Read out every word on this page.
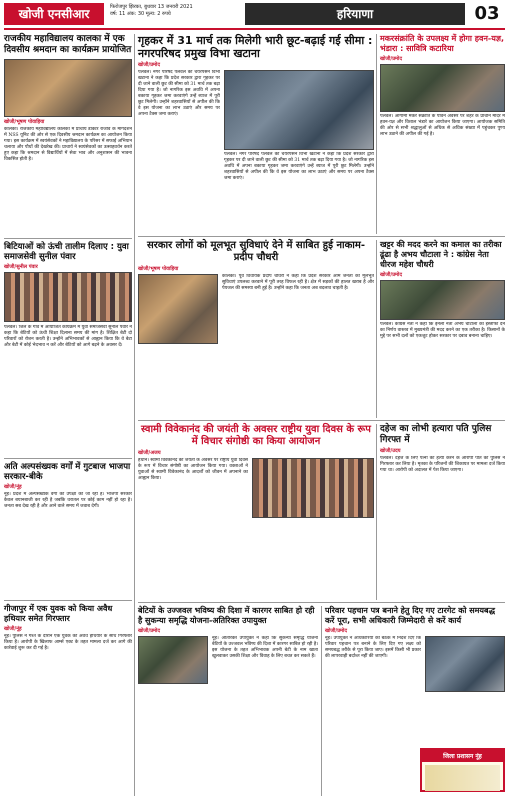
खोजी एनसीआर	फिरोजपुर झिरका, बुधवार 13 जनवरी 2021
वर्ष: 11 अंक: 30 मूल्य: 2 रुपये	हरियाणा	03
राजकीय महाविद्यालय कालका में एक दिवसीय श्रमदान का कार्यक्रम प्रायोजित
खोजी/भूषण पोवाहिया
कालका। राजकीय महाविद्यालय कालका में प्राचार्य डॉक्टर राजीव के मार्गदर्शन में NSS यूनिट की ओर से एक दिवसीय श्रमदान कार्यक्रम का आयोजन किया गया। इस कार्यक्रम में स्वयंसेवकों ने महाविद्यालय के परिसर में सफाई अभियान चलाया और पौधों की देखरेख की। प्राचार्य ने स्वयंसेवकों का उत्साहवर्धन करते हुए कहा कि श्रमदान से विद्यार्थियों में सेवा भाव और अनुशासन की भावना विकसित होती है।
बिटियाओं को ऊंची तालीम दिलाए : युवा समाजसेवी सुनील पंवार
खोजी/सुनील पंवार
पलवल। जिले के गांव में आयोजित कार्यक्रम में युवा समाजसेवी सुनील पंवार ने कहा कि बेटियों को ऊंची शिक्षा दिलाना समय की मांग है। शिक्षित बेटी दो परिवारों को रोशन करती है। उन्होंने अभिभावकों से आह्वान किया कि वे बेटा और बेटी में कोई भेदभाव न करें और बेटियों को आगे बढ़ने के अवसर दें।
अति अल्पसंख्यक वर्गों में गुटबाज भाजपा सरकार-बीके
खोजी/नूंह
नूंह। प्रदेश में अल्पसंख्यक वर्गों की उपेक्षा की जा रही है। भाजपा सरकार केवल बयानबाजी कर रही है जबकि धरातल पर कोई काम नहीं हो रहा है। जनता सब देख रही है और आने वाले समय में जवाब देगी।
गीजापुर में एक युवक को किया अवैध हथियार समेत गिरफ्तार
खोजी/नूंह
नूंह। पुलिस ने गश्त के दौरान एक युवक को अवैध हथियार के साथ गिरफ्तार किया है। आरोपी के खिलाफ आर्म्स एक्ट के तहत मामला दर्ज कर आगे की कार्रवाई शुरू कर दी गई है।
गृहकर में 31 मार्च तक मिलेगी भारी छूट-बढ़ाई गई सीमा : नगरपरिषद प्रमुख विभा खटाना
खोजी/प्रमोद
पलवल। नगर परिषद पलवल की चेयरपर्सन विभा खटाना ने कहा कि प्रदेश सरकार द्वारा गृहकर पर दी जाने वाली छूट की सीमा को 31 मार्च तक बढ़ा दिया गया है। जो नागरिक इस अवधि में अपना बकाया गृहकर जमा करवाएंगे उन्हें ब्याज में पूरी छूट मिलेगी। उन्होंने शहरवासियों से अपील की कि वे इस योजना का लाभ उठाएं और समय पर अपना टैक्स जमा कराएं।
पलवल। नगर परिषद पलवल की चेयरपर्सन विभा खटाना ने कहा कि प्रदेश सरकार द्वारा गृहकर पर दी जाने वाली छूट की सीमा को 31 मार्च तक बढ़ा दिया गया है। जो नागरिक इस अवधि में अपना बकाया गृहकर जमा करवाएंगे उन्हें ब्याज में पूरी छूट मिलेगी। उन्होंने शहरवासियों से अपील की कि वे इस योजना का लाभ उठाएं और समय पर अपना टैक्स जमा कराएं।
मकरसंक्रांति के उपलक्ष्य में होगा हवन-यज्ञ, भंडारा : सावित्रि कटारिया
खोजी/प्रमोद
पलवल। आगामी मकर संक्रांति के पावन अवसर पर शहर के प्राचीन मंदिर में हवन-यज्ञ और विशाल भंडारे का आयोजन किया जाएगा। आयोजक समिति की ओर से सभी श्रद्धालुओं से अधिक से अधिक संख्या में पहुंचकर पुण्य लाभ उठाने की अपील की गई है।
सरकार लोगों को मूलभूत सुविधाएं देने में साबित हुई नाकाम-प्रदीप चौधरी
खोजी/भूषण पोवाहिया
कालका। पूर्व विधायक प्रदीप चौधरी ने कहा कि प्रदेश सरकार आम जनता को मूलभूत सुविधाएं उपलब्ध करवाने में पूरी तरह विफल रही है। क्षेत्र में सड़कों की हालत खराब है और पेयजल की समस्या बनी हुई है। उन्होंने कहा कि जनता अब बदलाव चाहती है।
खट्टर की मदद करने का कमाल का तरीका ढूंढा है अभय चौटाला ने : कांग्रेस नेता धीरज महेश चौधरी
खोजी/प्रमोद
पलवल। कांग्रेस नेता ने कहा कि इनेलो नेता अभय चौटाला का इस्तीफा देने का निर्णय वास्तव में मुख्यमंत्री की मदद करने का एक तरीका है। किसानों के मुद्दे पर सभी दलों को एकजुट होकर सरकार पर दबाव बनाना चाहिए।
स्वामी विवेकानंद की जयंती के अवसर राष्ट्रीय युवा दिवस के रूप में विचार संगोष्ठी का किया आयोजन
खोजी/अजय
हथीन। स्वामी विवेकानंद की जयंती के अवसर पर राष्ट्रीय युवा दिवस के रूप में विचार संगोष्ठी का आयोजन किया गया। वक्ताओं ने युवाओं से स्वामी विवेकानंद के आदर्शों को जीवन में अपनाने का आह्वान किया।
दहेज का लोभी हत्यारा पति पुलिस गिरफ्त में
खोजी/उदय
पलवल। दहेज के लिए पत्नी की हत्या करने के आरोपी पति को पुलिस ने गिरफ्तार कर लिया है। मृतका के परिजनों की शिकायत पर मामला दर्ज किया गया था। आरोपी को अदालत में पेश किया जाएगा।
बेटियों के उज्जवल भविष्य की दिशा में कारगर साबित हो रही है सुकन्या समृद्धि योजना-अतिरिक्त उपायुक्त
खोजी/प्रमोद
नूंह। अतिरिक्त उपायुक्त ने कहा कि सुकन्या समृद्धि योजना बेटियों के उज्जवल भविष्य की दिशा में कारगर साबित हो रही है। इस योजना के तहत अभिभावक अपनी बेटी के नाम खाता खुलवाकर उसकी शिक्षा और विवाह के लिए बचत कर सकते हैं।
परिवार पहचान पत्र बनाने हेतु दिए गए टारगेट को समयबद्ध करें पूरा, सभी अधिकारी जिम्मेदारी से करें कार्य
खोजी/प्रमोद
नूंह। उपायुक्त ने अधिकारियों की बैठक में निर्देश दिए कि परिवार पहचान पत्र बनाने के लिए दिए गए लक्ष्य को समयबद्ध तरीके से पूरा किया जाए। इसमें किसी भी प्रकार की लापरवाही बर्दाश्त नहीं की जाएगी।
जिला प्रशासन नूंह
